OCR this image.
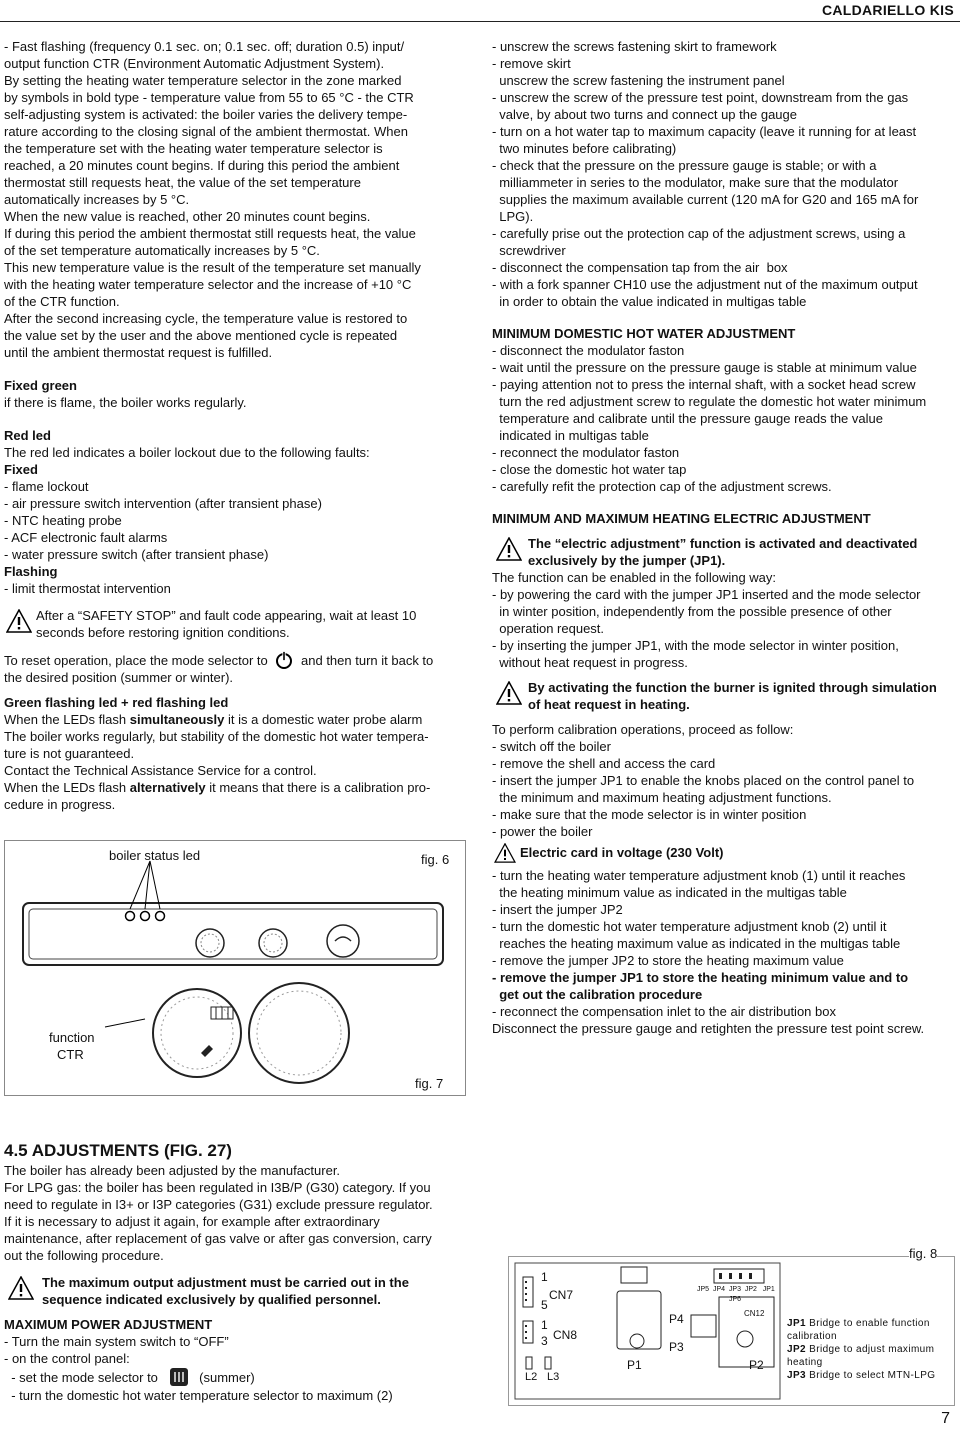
CALDARIELLO KIS
- Fast flashing (frequency 0.1 sec. on; 0.1 sec. off; duration 0.5) input/
output function CTR (Environment Automatic Adjustment System).
By setting the heating water temperature selector in the zone marked
by symbols in bold type - temperature value from 55 to 65 °C - the CTR
self-adjusting system is activated: the boiler varies the delivery tempe-
rature according to the closing signal of the ambient thermostat. When
the temperature set with the heating water temperature selector is
reached, a 20 minutes count begins. If during this period the ambient
thermostat still requests heat, the value of the set temperature
automatically increases by 5 °C.
When the new value is reached, other 20 minutes count begins.
If during this period the ambient thermostat still requests heat, the value
of the set temperature automatically increases by 5 °C.
This new temperature value is the result of the temperature set manually
with the heating water temperature selector and the increase of +10 °C
of the CTR function.
After the second increasing cycle, the temperature value is restored to
the value set by the user and the above mentioned cycle is repeated
until the ambient thermostat request is fulfilled.
Fixed green
if there is flame, the boiler works regularly.
Red led
The red led indicates a boiler lockout due to the following faults:
Fixed
- flame lockout
- air pressure switch intervention (after transient phase)
- NTC heating probe
- ACF electronic fault alarms
- water pressure switch (after transient phase)
Flashing
- limit thermostat intervention
After a “SAFETY STOP” and fault code appearing, wait at least 10
seconds before restoring ignition conditions.
To reset operation, place the mode selector to	and then turn it back to
the desired position (summer or winter).
Green flashing led + red flashing led
When the LEDs flash simultaneously it is a domestic water probe alarm
The boiler works regularly, but stability of the domestic hot water tempera-
ture is not guaranteed.
Contact the Technical Assistance Service for a control.
When the LEDs flash alternatively it means that there is a calibration pro-
cedure in progress.
boiler status led	fig. 6
function
CTR
fig. 7
- unscrew the screws fastening skirt to framework
- remove skirt
unscrew the screw fastening the instrument panel
- unscrew the screw of the pressure test point, downstream from the gas
valve, by about two turns and connect up the gauge
- turn on a hot water tap to maximum capacity (leave it running for at least
two minutes before calibrating)
- check that the pressure on the pressure gauge is stable; or with a
milliammeter in series to the modulator, make sure that the modulator
supplies the maximum available current (120 mA for G20 and 165 mA for
LPG).
- carefully prise out the protection cap of the adjustment screws, using a
screwdriver
- disconnect the compensation tap from the air  box
- with a fork spanner CH10 use the adjustment nut of the maximum output
in order to obtain the value indicated in multigas table
MINIMUM DOMESTIC HOT WATER ADJUSTMENT
- disconnect the modulator faston
- wait until the pressure on the pressure gauge is stable at minimum value
- paying attention not to press the internal shaft, with a socket head screw
turn the red adjustment screw to regulate the domestic hot water minimum
temperature and calibrate until the pressure gauge reads the value
indicated in multigas table
- reconnect the modulator faston
- close the domestic hot water tap
- carefully refit the protection cap of the adjustment screws.
MINIMUM AND MAXIMUM HEATING ELECTRIC ADJUSTMENT
The “electric adjustment” function is activated and deactivated
exclusively by the jumper (JP1).
The function can be enabled in the following way:
- by powering the card with the jumper JP1 inserted and the mode selector
in winter position, independently from the possible presence of other
operation request.
- by inserting the jumper JP1, with the mode selector in winter position,
without heat request in progress.
By activating the function the burner is ignited through simulation
of heat request in heating.
To perform calibration operations, proceed as follow:
- switch off the boiler
- remove the shell and access the card
- insert the jumper JP1 to enable the knobs placed on the control panel to
the minimum and maximum heating adjustment functions.
- make sure that the mode selector is in winter position
- power the boiler
Electric card in voltage (230 Volt)
- turn the heating water temperature adjustment knob (1) until it reaches
the heating minimum value as indicated in the multigas table
- insert the jumper JP2
- turn the domestic hot water temperature adjustment knob (2) until it
reaches the heating maximum value as indicated in the multigas table
- remove the jumper JP2 to store the heating maximum value
- remove the jumper JP1 to store the heating minimum value and to
get out the calibration procedure
- reconnect the compensation inlet to the air distribution box
Disconnect the pressure gauge and retighten the pressure test point screw.
4.5 ADJUSTMENTS (FIG. 27)
The boiler has already been adjusted by the manufacturer.
For LPG gas: the boiler has been regulated in I3B/P (G30) category. If you
need to regulate in I3+ or I3P categories (G31) exclude pressure regulator.
If it is necessary to adjust it again, for example after extraordinary
maintenance, after replacement of gas valve or after gas conversion, carry
out the following procedure.
The maximum output adjustment must be carried out in the
sequence indicated exclusively by qualified personnel.
MAXIMUM POWER ADJUSTMENT
- Turn the main system switch to “OFF”
- on the control panel:
- set the mode selector to	(summer)
- turn the domestic hot water temperature selector to maximum (2)
1
CN7
5
1
CN8
3
L2 L3
P1
P4
P3
P2
CN12
JP5  JP4  JP3  JP2   JP1
JP6
fig. 8
JP1 Bridge to enable function calibration
JP2 Bridge to adjust maximum heating
JP3 Bridge to select MTN-LPG
7
